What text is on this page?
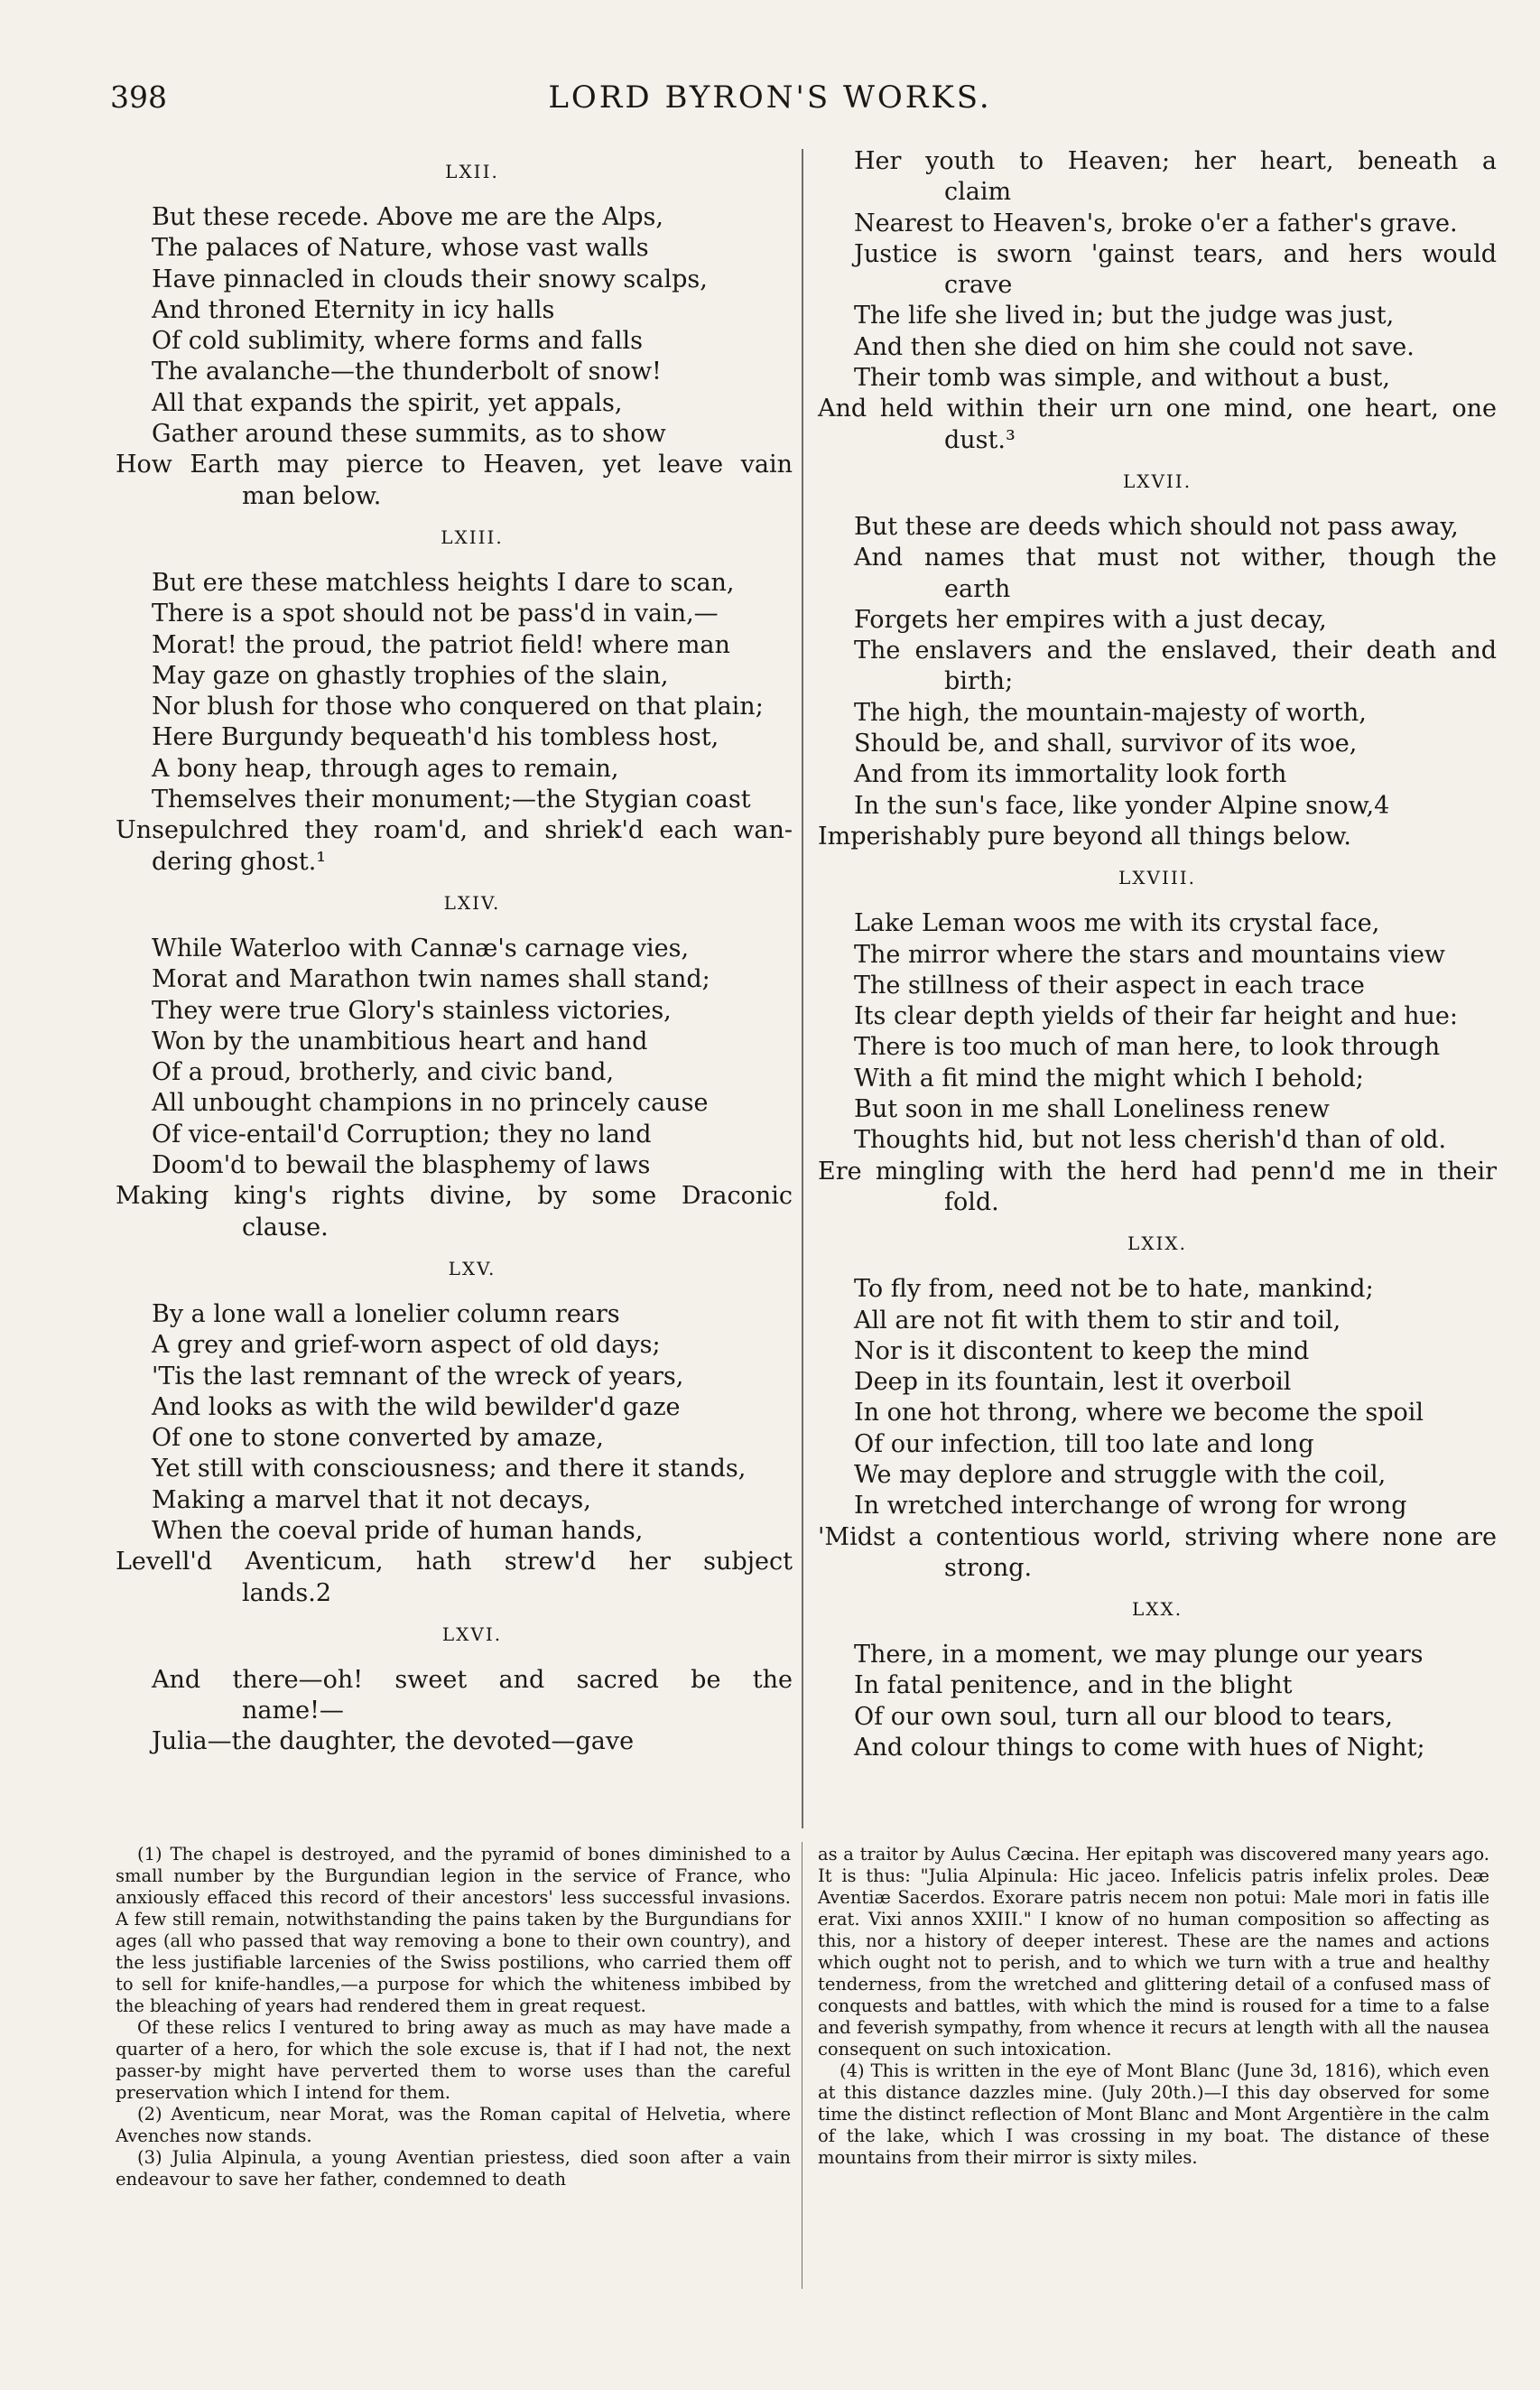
398	LORD BYRON'S WORKS.
LXII.
But these recede. Above me are the Alps,
The palaces of Nature, whose vast walls
Have pinnacled in clouds their snowy scalps,
And throned Eternity in icy halls
Of cold sublimity, where forms and falls
The avalanche—the thunderbolt of snow!
All that expands the spirit, yet appals,
Gather around these summits, as to show
How Earth may pierce to Heaven, yet leave vain
man below.
LXIII.
But ere these matchless heights I dare to scan,
There is a spot should not be pass'd in vain,—
Morat! the proud, the patriot field! where man
May gaze on ghastly trophies of the slain,
Nor blush for those who conquered on that plain;
Here Burgundy bequeath'd his tombless host,
A bony heap, through ages to remain,
Themselves their monument;—the Stygian coast
Unsepulchred they roam'd, and shriek'd each wan-
dering ghost.¹
LXIV.
While Waterloo with Cannæ's carnage vies,
Morat and Marathon twin names shall stand;
They were true Glory's stainless victories,
Won by the unambitious heart and hand
Of a proud, brotherly, and civic band,
All unbought champions in no princely cause
Of vice-entail'd Corruption; they no land
Doom'd to bewail the blasphemy of laws
Making king's rights divine, by some Draconic
clause.
LXV.
By a lone wall a lonelier column rears
A grey and grief-worn aspect of old days;
'Tis the last remnant of the wreck of years,
And looks as with the wild bewilder'd gaze
Of one to stone converted by amaze,
Yet still with consciousness; and there it stands,
Making a marvel that it not decays,
When the coeval pride of human hands,
Levell'd Aventicum, hath strew'd her subject
lands.2
LXVI.
And there—oh! sweet and sacred be the
name!—
Julia—the daughter, the devoted—gave
Her youth to Heaven; her heart, beneath a
claim
Nearest to Heaven's, broke o'er a father's grave.
Justice is sworn 'gainst tears, and hers would
crave
The life she lived in; but the judge was just,
And then she died on him she could not save.
Their tomb was simple, and without a bust,
And held within their urn one mind, one heart, one
dust.³
LXVII.
But these are deeds which should not pass away,
And names that must not wither, though the
earth
Forgets her empires with a just decay,
The enslavers and the enslaved, their death and
birth;
The high, the mountain-majesty of worth,
Should be, and shall, survivor of its woe,
And from its immortality look forth
In the sun's face, like yonder Alpine snow,4
Imperishably pure beyond all things below.
LXVIII.
Lake Leman woos me with its crystal face,
The mirror where the stars and mountains view
The stillness of their aspect in each trace
Its clear depth yields of their far height and hue:
There is too much of man here, to look through
With a fit mind the might which I behold;
But soon in me shall Loneliness renew
Thoughts hid, but not less cherish'd than of old.
Ere mingling with the herd had penn'd me in their
fold.
LXIX.
To fly from, need not be to hate, mankind;
All are not fit with them to stir and toil,
Nor is it discontent to keep the mind
Deep in its fountain, lest it overboil
In one hot throng, where we become the spoil
Of our infection, till too late and long
We may deplore and struggle with the coil,
In wretched interchange of wrong for wrong
'Midst a contentious world, striving where none are
strong.
LXX.
There, in a moment, we may plunge our years
In fatal penitence, and in the blight
Of our own soul, turn all our blood to tears,
And colour things to come with hues of Night;

(1) The chapel is destroyed, and the pyramid of bones diminished to a small number by the Burgundian legion in the service of France, who anxiously effaced this record of their ancestors' less successful invasions. A few still remain, notwithstanding the pains taken by the Burgundians for ages (all who passed that way removing a bone to their own country), and the less justifiable larcenies of the Swiss postilions, who carried them off to sell for knife-handles,—a purpose for which the whiteness imbibed by the bleaching of years had rendered them in great request.

Of these relics I ventured to bring away as much as may have made a quarter of a hero, for which the sole excuse is, that if I had not, the next passer-by might have perverted them to worse uses than the careful preservation which I intend for them.

(2) Aventicum, near Morat, was the Roman capital of Helvetia, where Avenches now stands.

(3) Julia Alpinula, a young Aventian priestess, died soon after a vain endeavour to save her father, condemned to death

as a traitor by Aulus Cæcina. Her epitaph was discovered many years ago. It is thus: "Julia Alpinula: Hic jaceo. Infelicis patris infelix proles. Deæ Aventiæ Sacerdos. Exorare patris necem non potui: Male mori in fatis ille erat. Vixi annos XXIII." I know of no human composition so affecting as this, nor a history of deeper interest. These are the names and actions which ought not to perish, and to which we turn with a true and healthy tenderness, from the wretched and glittering detail of a confused mass of conquests and battles, with which the mind is roused for a time to a false and feverish sympathy, from whence it recurs at length with all the nausea consequent on such intoxication.

(4) This is written in the eye of Mont Blanc (June 3d, 1816), which even at this distance dazzles mine. (July 20th.)—I this day observed for some time the distinct reflection of Mont Blanc and Mont Argentière in the calm of the lake, which I was crossing in my boat. The distance of these mountains from their mirror is sixty miles.
